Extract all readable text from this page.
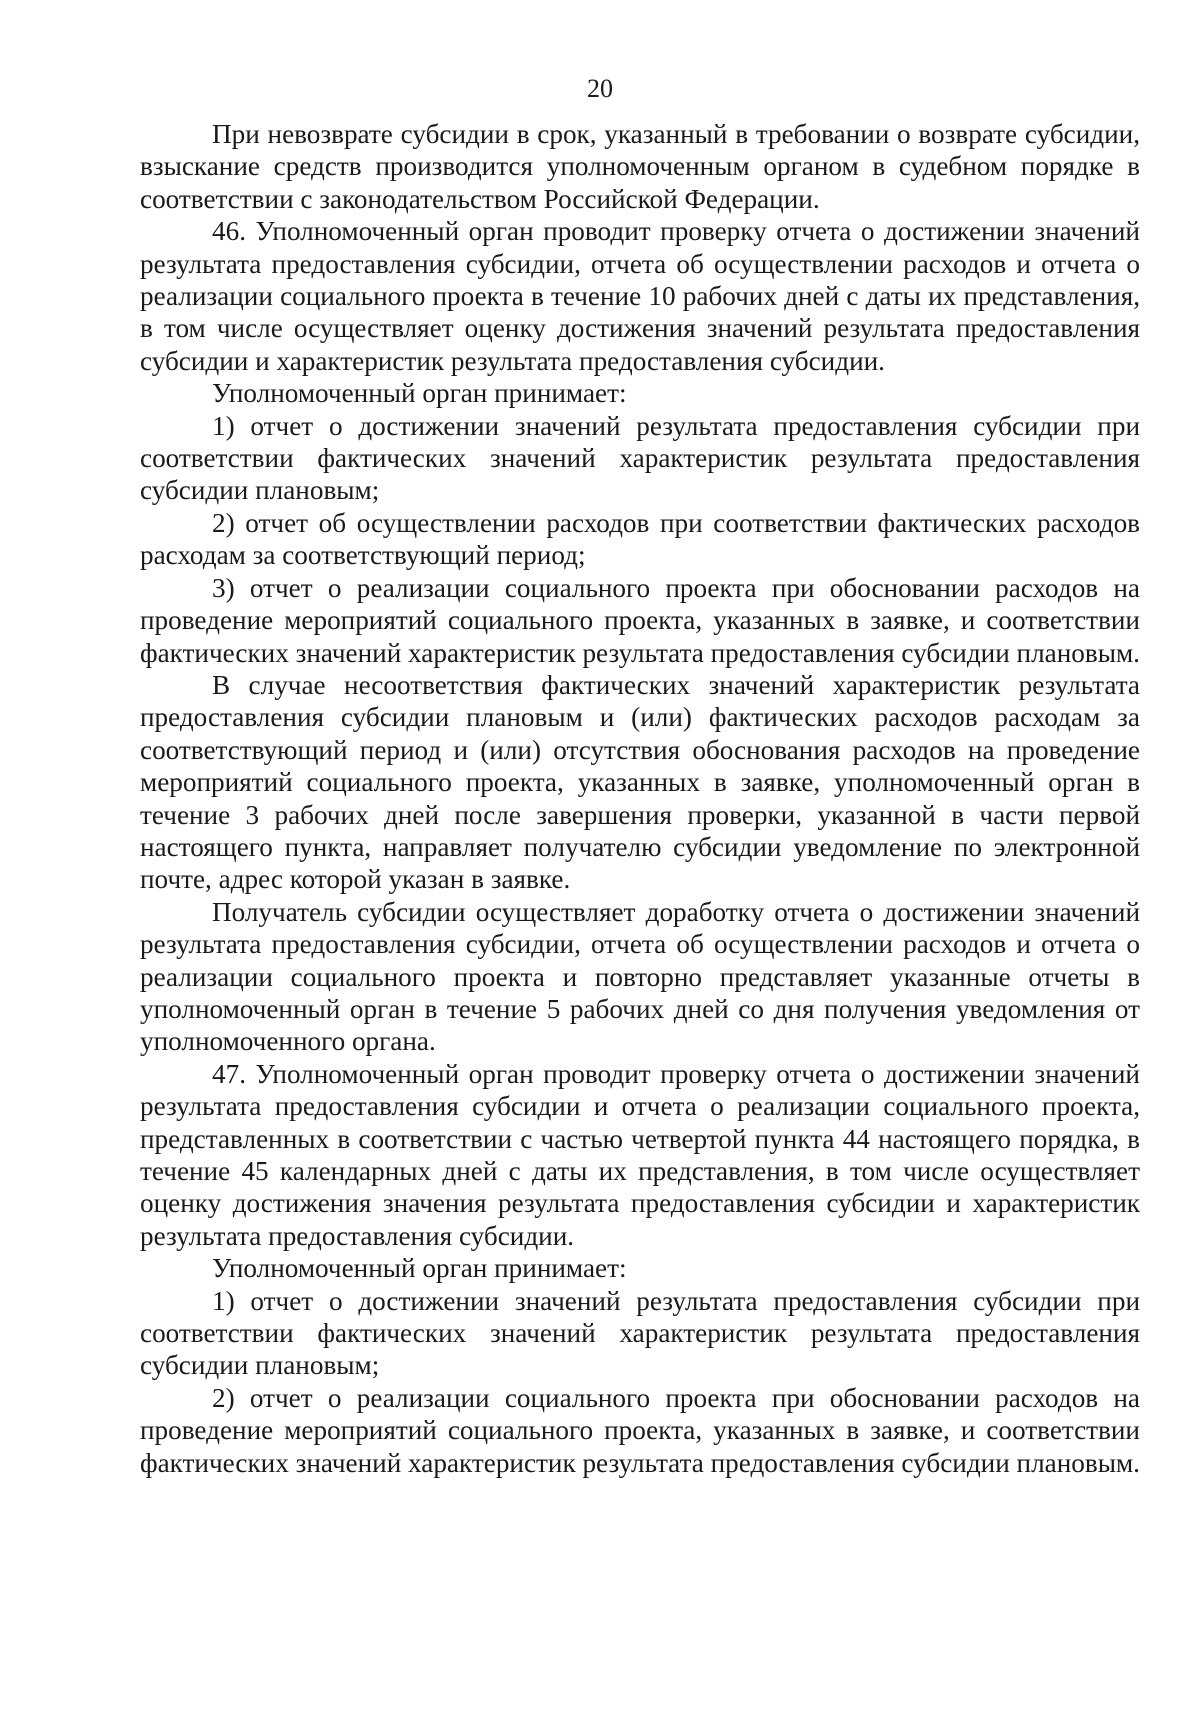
20

При невозврате субсидии в срок, указанный в требовании о возврате субсидии, взыскание средств производится уполномоченным органом в судебном порядке в соответствии с законодательством Российской Федерации.

46. Уполномоченный орган проводит проверку отчета о достижении значений результата предоставления субсидии, отчета об осуществлении расходов и отчета о реализации социального проекта в течение 10 рабочих дней с даты их представления, в том числе осуществляет оценку достижения значений результата предоставления субсидии и характеристик результата предоставления субсидии.

Уполномоченный орган принимает:

1) отчет о достижении значений результата предоставления субсидии при соответствии фактических значений характеристик результата предоставления субсидии плановым;

2) отчет об осуществлении расходов при соответствии фактических расходов расходам за соответствующий период;

3) отчет о реализации социального проекта при обосновании расходов на проведение мероприятий социального проекта, указанных в заявке, и соответствии фактических значений характеристик результата предоставления субсидии плановым.

В случае несоответствия фактических значений характеристик результата предоставления субсидии плановым и (или) фактических расходов расходам за соответствующий период и (или) отсутствия обоснования расходов на проведение мероприятий социального проекта, указанных в заявке, уполномоченный орган в течение 3 рабочих дней после завершения проверки, указанной в части первой настоящего пункта, направляет получателю субсидии уведомление по электронной почте, адрес которой указан в заявке.

Получатель субсидии осуществляет доработку отчета о достижении значений результата предоставления субсидии, отчета об осуществлении расходов и отчета о реализации социального проекта и повторно представляет указанные отчеты в уполномоченный орган в течение 5 рабочих дней со дня получения уведомления от уполномоченного органа.

47. Уполномоченный орган проводит проверку отчета о достижении значений результата предоставления субсидии и отчета о реализации социального проекта, представленных в соответствии с частью четвертой пункта 44 настоящего порядка, в течение 45 календарных дней с даты их представления, в том числе осуществляет оценку достижения значения результата предоставления субсидии и характеристик результата предоставления субсидии.

Уполномоченный орган принимает:

1) отчет о достижении значений результата предоставления субсидии при соответствии фактических значений характеристик результата предоставления субсидии плановым;

2) отчет о реализации социального проекта при обосновании расходов на проведение мероприятий социального проекта, указанных в заявке, и соответствии фактических значений характеристик результата предоставления субсидии плановым.
